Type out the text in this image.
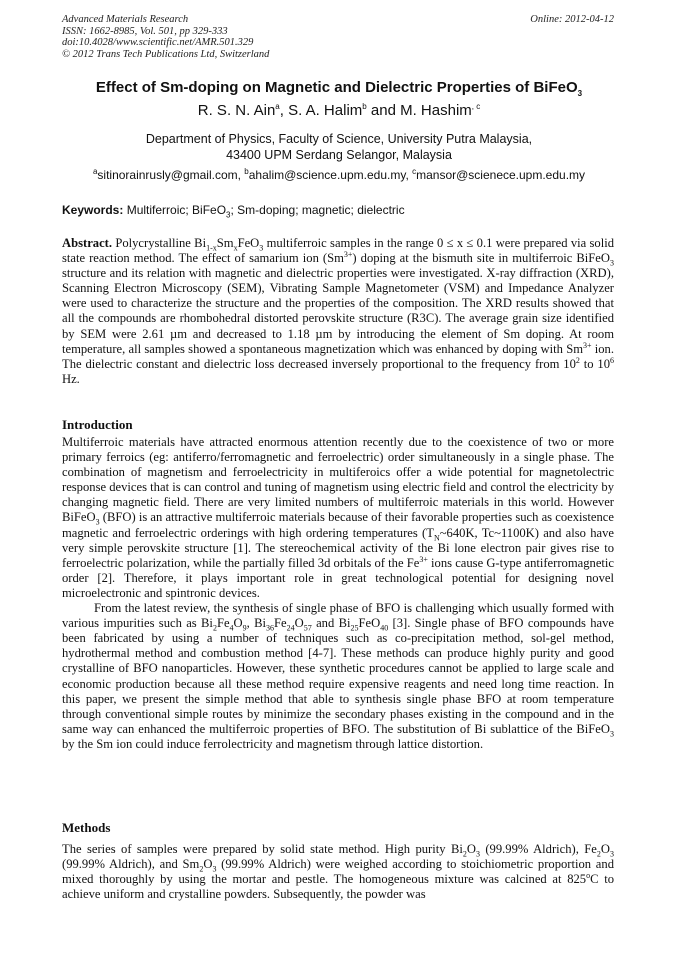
Advanced Materials Research
ISSN: 1662-8985, Vol. 501, pp 329-333
doi:10.4028/www.scientific.net/AMR.501.329
© 2012 Trans Tech Publications Ltd, Switzerland
Online: 2012-04-12
Effect of Sm-doping on Magnetic and Dielectric Properties of BiFeO$_3$
R. S. N. Ain$^a$, S. A. Halim$^b$ and M. Hashim$^{, c}$
Department of Physics, Faculty of Science, University Putra Malaysia,
43400 UPM Serdang Selangor, Malaysia
$^a$sitinorainrusly@gmail.com, $^b$ahalim@science.upm.edu.my, $^c$mansor@scienece.upm.edu.my
Keywords: Multiferroic; BiFeO$_3$; Sm-doping; magnetic; dielectric
Abstract. Polycrystalline $Bi_{1-x}Sm_xFeO_3$ multiferroic samples in the range 0 ≤ x ≤ 0.1 were prepared via solid state reaction method. The effect of samarium ion $(Sm^{3+})$ doping at the bismuth site in multiferroic BiFeO$_3$ structure and its relation with magnetic and dielectric properties were investigated. X-ray diffraction (XRD), Scanning Electron Microscopy (SEM), Vibrating Sample Magnetometer (VSM) and Impedance Analyzer were used to characterize the structure and the properties of the composition. The XRD results showed that all the compounds are rhombohedral distorted perovskite structure (R3C). The average grain size identified by SEM were 2.61 µm and decreased to 1.18 µm by introducing the element of Sm doping. At room temperature, all samples showed a spontaneous magnetization which was enhanced by doping with $Sm^{3+}$ ion. The dielectric constant and dielectric loss decreased inversely proportional to the frequency from $10^2$ to $10^6$ Hz.
Introduction

Multiferroic materials have attracted enormous attention recently due to the coexistence of two or more primary ferroics (eg: antiferro/ferromagnetic and ferroelectric) order simultaneously in a single phase. The combination of magnetism and ferroelectricity in multiferoics offer a wide potential for magnetolectric response devices that is can control and tuning of magnetism using electric field and control the electricity by changing magnetic field. There are very limited numbers of multiferroic materials in this world. However BiFeO$_3$ (BFO) is an attractive multiferroic materials because of their favorable properties such as coexistence magnetic and ferroelectric orderings with high ordering temperatures ($T_N\sim 640K$, Tc~1100K) and also have very simple perovskite structure [1]. The stereochemical activity of the Bi lone electron pair gives rise to ferroelectric polarization, while the partially filled 3d orbitals of the $Fe^{3+}$ ions cause G-type antiferromagnetic order [2]. Therefore, it plays important role in great technological potential for designing novel microelectronic and spintronic devices.

From the latest review, the synthesis of single phase of BFO is challenging which usually formed with various impurities such as $Bi_2Fe_4O_9$, $Bi_{36}Fe_{24}O_{57}$ and $Bi_{25}FeO_{40}$ [3]. Single phase of BFO compounds have been fabricated by using a number of techniques such as co-precipitation method, sol-gel method, hydrothermal method and combustion method [4-7]. These methods can produce highly purity and good crystalline of BFO nanoparticles. However, these synthetic procedures cannot be applied to large scale and economic production because all these method require expensive reagents and need long time reaction. In this paper, we present the simple method that able to synthesis single phase BFO at room temperature through conventional simple routes by minimize the secondary phases existing in the compound and in the same way can enhanced the multiferroic properties of BFO. The substitution of Bi sublattice of the BiFeO$_3$ by the Sm ion could induce ferrolectricity and magnetism through lattice distortion.

Methods
The series of samples were prepared by solid state method. High purity $Bi_2O_3$ (99.99% Aldrich), $Fe_2O_3$ (99.99% Aldrich), and $Sm_2O_3$ (99.99% Aldrich) were weighed according to stoichiometric proportion and mixed thoroughly by using the mortar and pestle. The homogeneous mixture was calcined at 825$^o$C to achieve uniform and crystalline powders. Subsequently, the powder was
